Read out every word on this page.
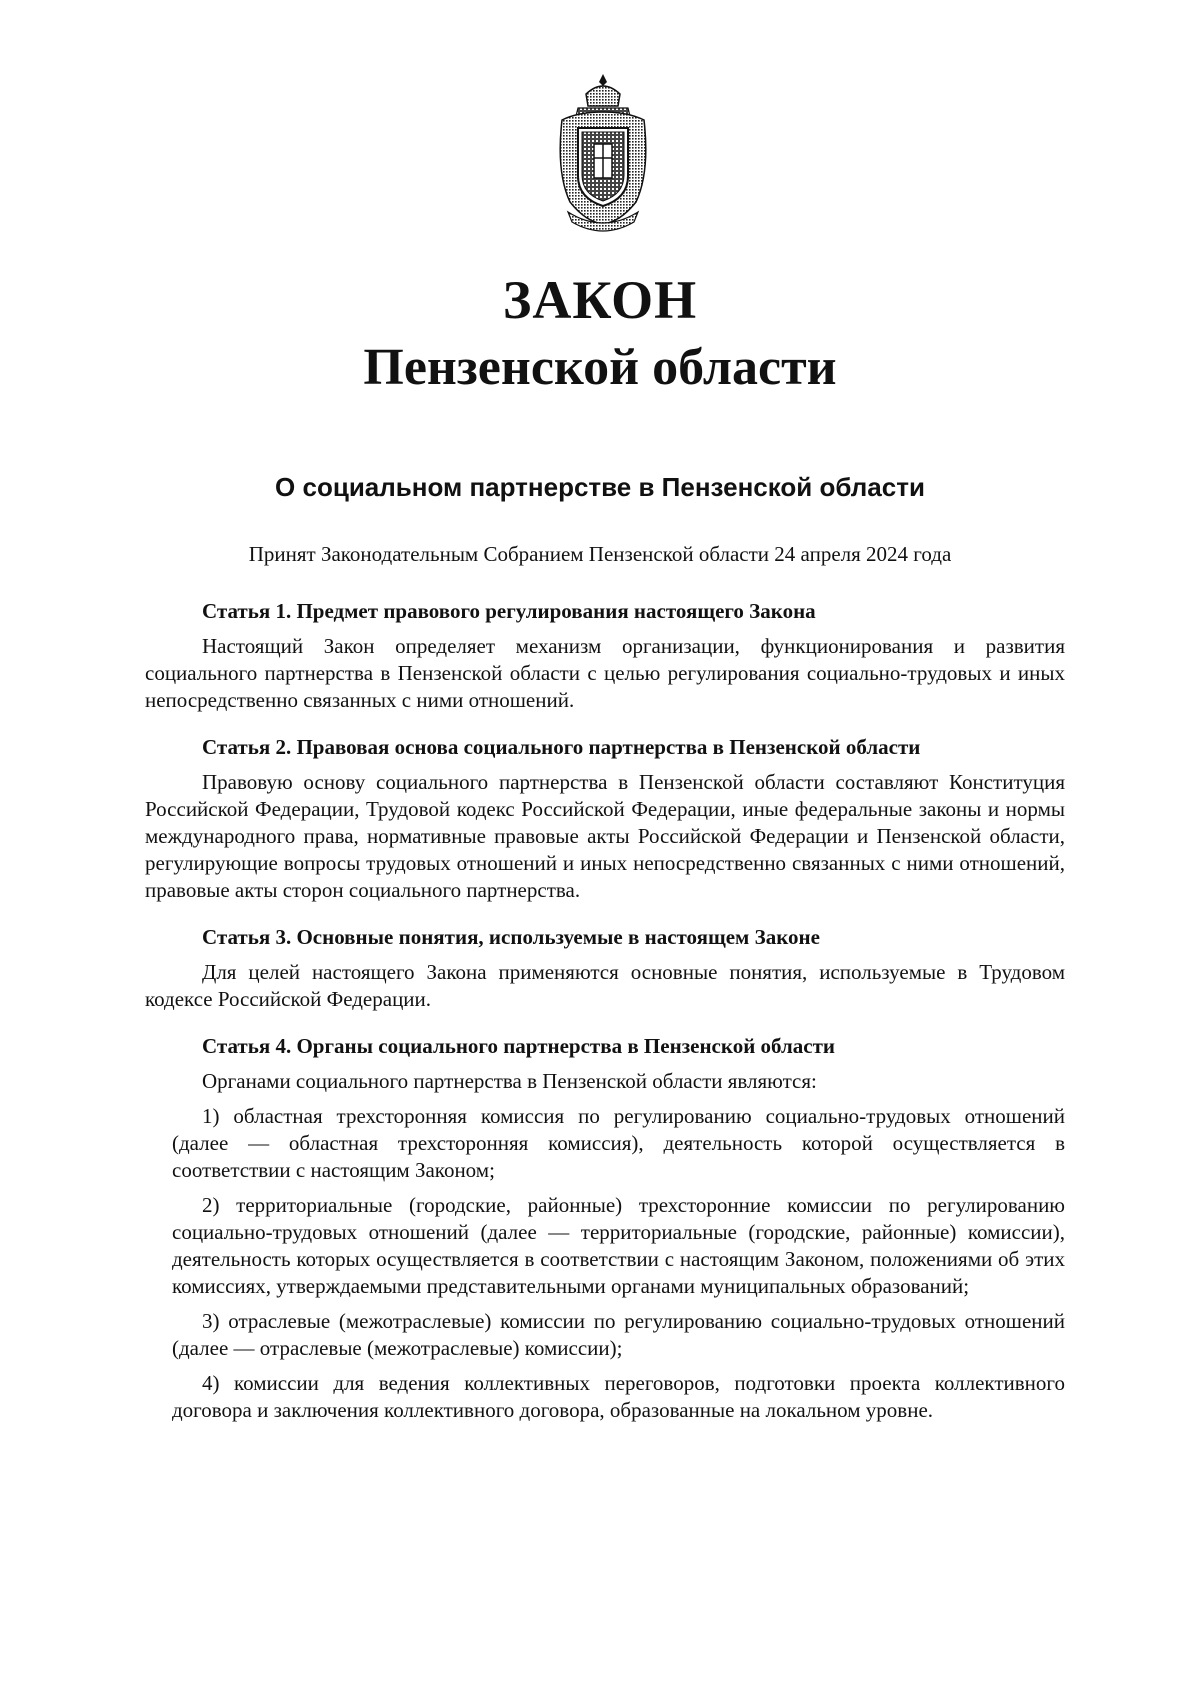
ЗАКОН
Пензенской области
О социальном партнерстве в Пензенской области
Принят Законодательным Собранием Пензенской области 24 апреля 2024 года
Статья 1. Предмет правового регулирования настоящего Закона
Настоящий Закон определяет механизм организации, функционирования и развития социального партнерства в Пензенской области с целью регулирования социально-трудовых и иных непосредственно связанных с ними отношений.
Статья 2. Правовая основа социального партнерства в Пензенской области
Правовую основу социального партнерства в Пензенской области составляют Конституция Российской Федерации, Трудовой кодекс Российской Федерации, иные федеральные законы и нормы международного права, нормативные правовые акты Российской Федерации и Пензенской области, регулирующие вопросы трудовых отношений и иных непосредственно связанных с ними отношений, правовые акты сторон социального партнерства.
Статья 3. Основные понятия, используемые в настоящем Законе
Для целей настоящего Закона применяются основные понятия, используемые в Трудовом кодексе Российской Федерации.
Статья 4. Органы социального партнерства в Пензенской области
Органами социального партнерства в Пензенской области являются:
1) областная трехсторонняя комиссия по регулированию социально-трудовых отношений (далее — областная трехсторонняя комиссия), деятельность которой осуществляется в соответствии с настоящим Законом;
2) территориальные (городские, районные) трехсторонние комиссии по регулированию социально-трудовых отношений (далее — территориальные (городские, районные) комиссии), деятельность которых осуществляется в соответствии с настоящим Законом, положениями об этих комиссиях, утверждаемыми представительными органами муниципальных образований;
3) отраслевые (межотраслевые) комиссии по регулированию социально-трудовых отношений (далее — отраслевые (межотраслевые) комиссии);
4) комиссии для ведения коллективных переговоров, подготовки проекта коллективного договора и заключения коллективного договора, образованные на локальном уровне.
